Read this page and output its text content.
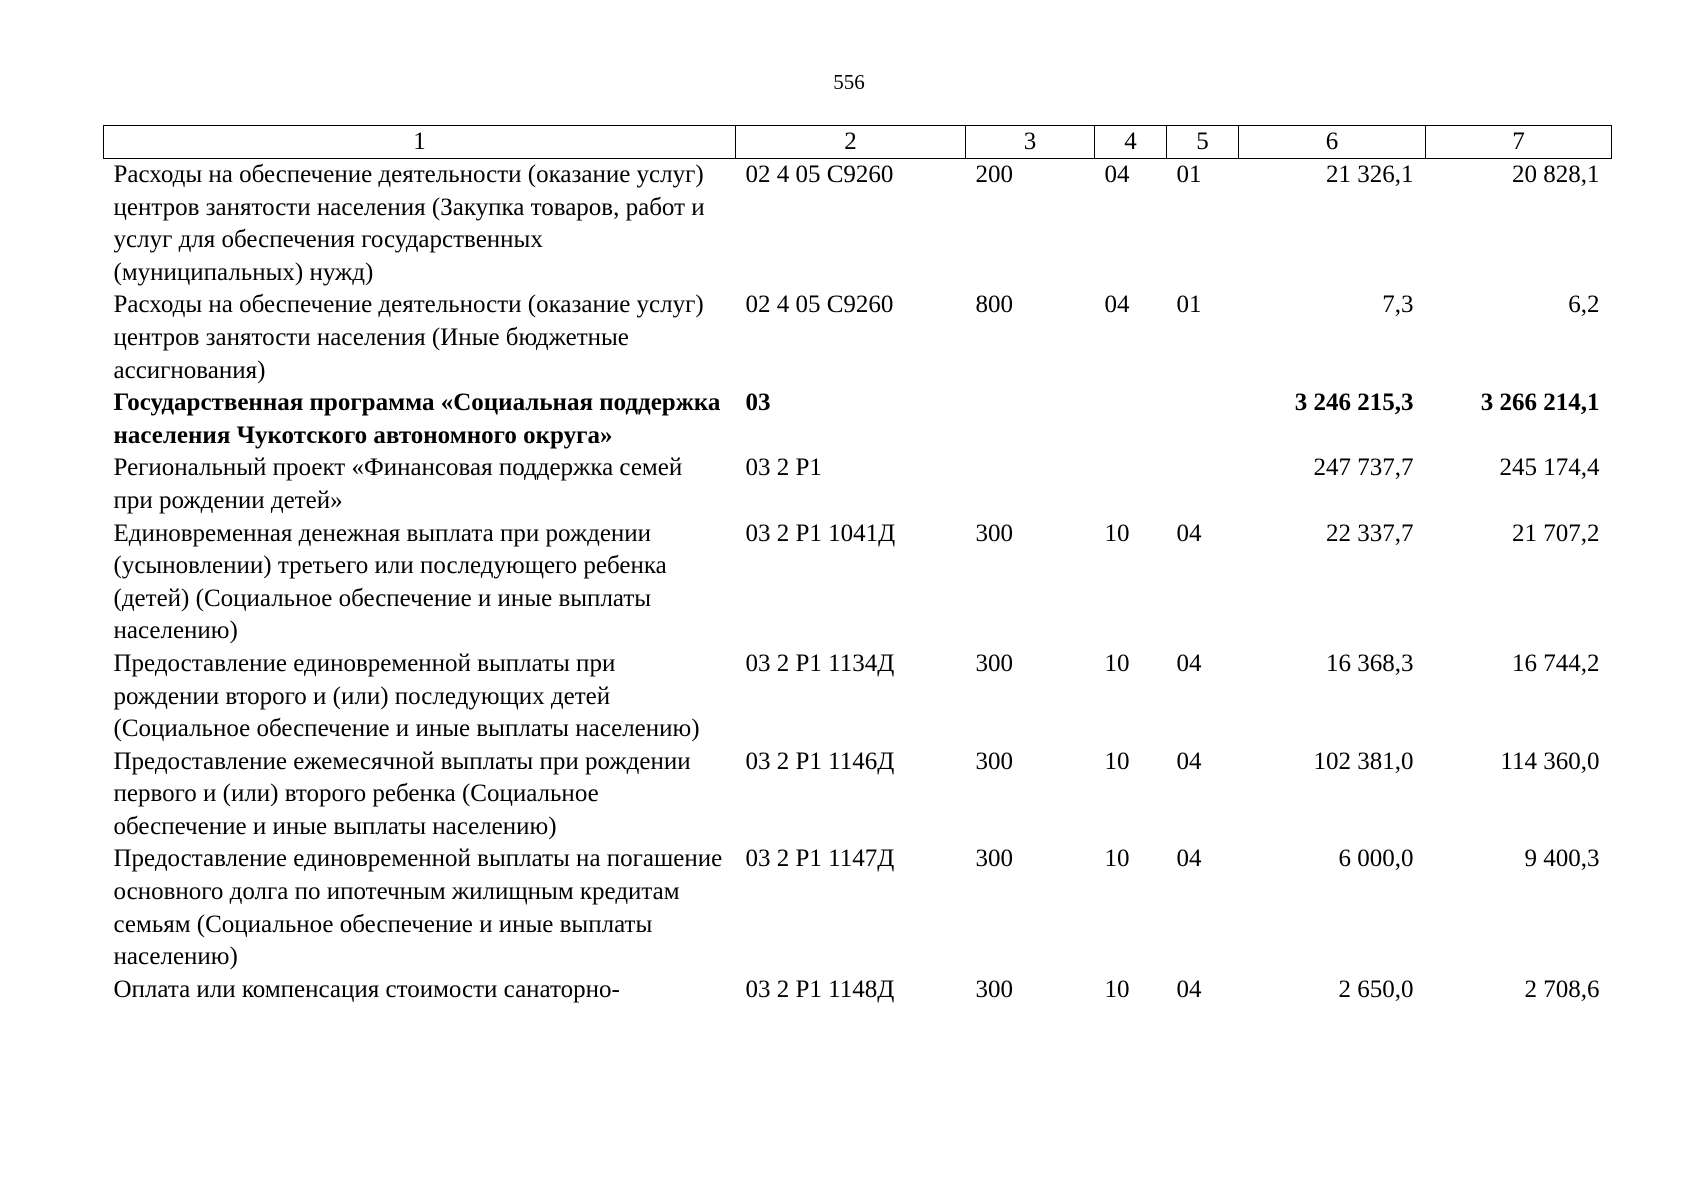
556
1	2	3	4	5	6	7
Расходы на обеспечение деятельности (оказание услуг) центров занятости населения (Закупка товаров, работ и услуг для обеспечения государственных (муниципальных) нужд)	02 4 05 С9260	200	04	01	21 326,1	20 828,1
Расходы на обеспечение деятельности (оказание услуг) центров занятости населения (Иные бюджетные ассигнования)	02 4 05 С9260	800	04	01	7,3	6,2
Государственная программа «Социальная поддержка населения Чукотского автономного округа»	03				3 246 215,3	3 266 214,1
Региональный проект «Финансовая поддержка семей при рождении детей»	03 2 P1				247 737,7	245 174,4
Единовременная денежная выплата при рождении (усыновлении) третьего или последующего ребенка (детей) (Социальное обеспечение и иные выплаты населению)	03 2 P1 1041Д	300	10	04	22 337,7	21 707,2
Предоставление единовременной выплаты при рождении второго и (или) последующих детей (Социальное обеспечение и иные выплаты населению)	03 2 P1 1134Д	300	10	04	16 368,3	16 744,2
Предоставление ежемесячной выплаты при рождении первого и (или) второго ребенка (Социальное обеспечение и иные выплаты населению)	03 2 P1 1146Д	300	10	04	102 381,0	114 360,0
Предоставление единовременной выплаты на погашение основного долга по ипотечным жилищным кредитам семьям (Социальное обеспечение и иные выплаты населению)	03 2 P1 1147Д	300	10	04	6 000,0	9 400,3
Оплата или компенсация стоимости санаторно-	03 2 P1 1148Д	300	10	04	2 650,0	2 708,6
